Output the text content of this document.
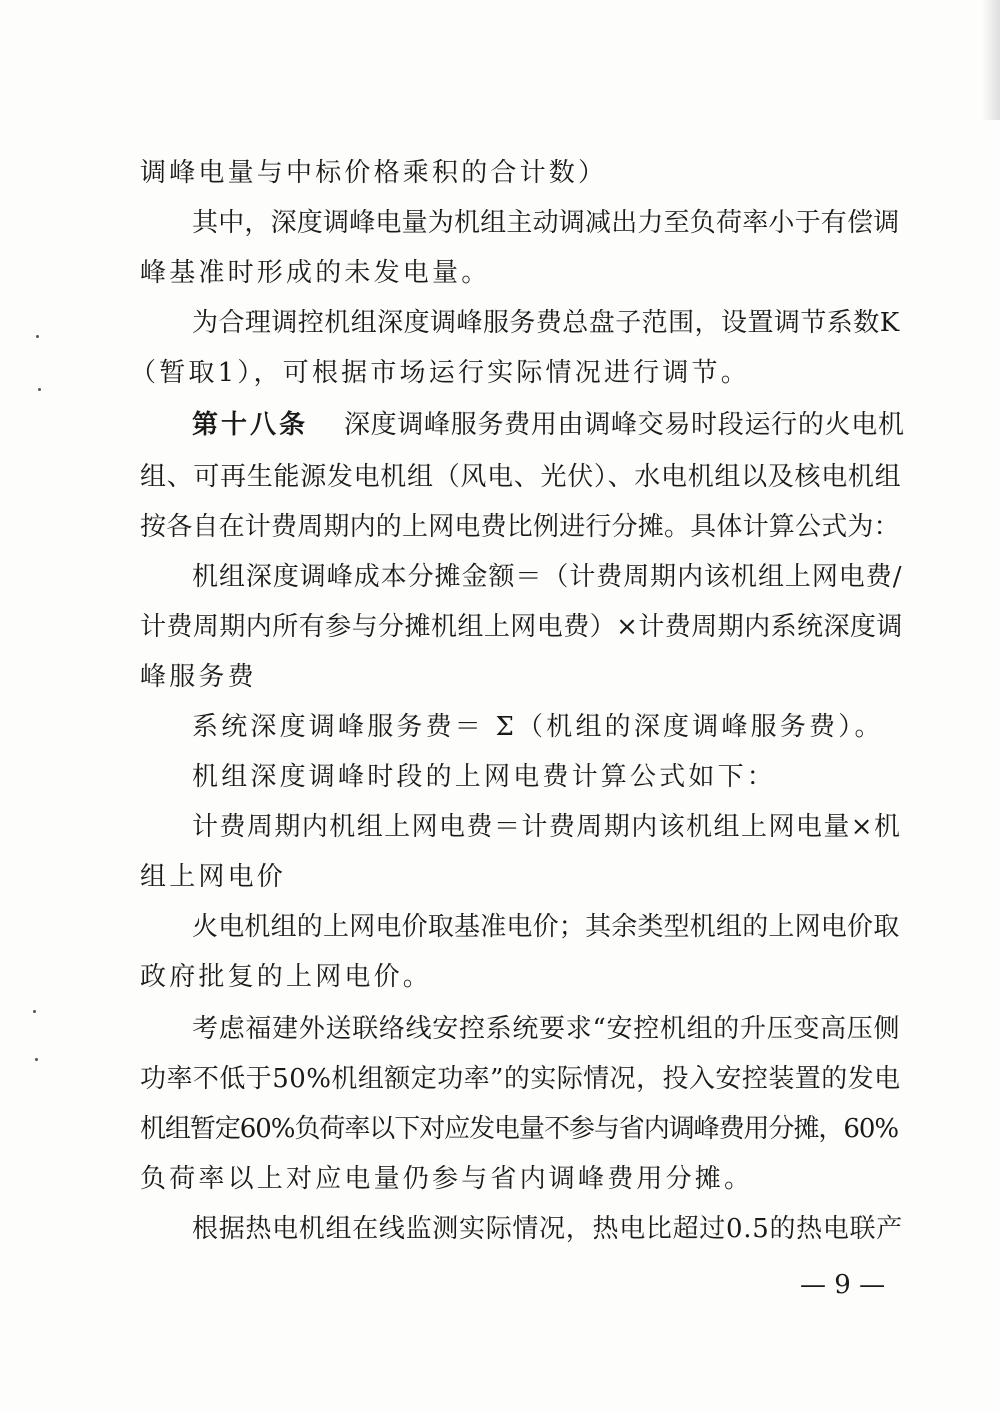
调峰电量与中标价格乘积的合计数）
其中，深度调峰电量为机组主动调减出力至负荷率小于有偿调
峰基准时形成的未发电量。
为合理调控机组深度调峰服务费总盘子范围，设置调节系数K
（暂取1），可根据市场运行实际情况进行调节。
第十八条 深度调峰服务费用由调峰交易时段运行的火电机
组、可再生能源发电机组（风电、光伏）、水电机组以及核电机组
按各自在计费周期内的上网电费比例进行分摊。具体计算公式为：
机组深度调峰成本分摊金额＝（计费周期内该机组上网电费/
计费周期内所有参与分摊机组上网电费）×计费周期内系统深度调
峰服务费
系统深度调峰服务费＝ Σ（机组的深度调峰服务费）。
机组深度调峰时段的上网电费计算公式如下：
计费周期内机组上网电费＝计费周期内该机组上网电量×机
组上网电价
火电机组的上网电价取基准电价；其余类型机组的上网电价取
政府批复的上网电价。
考虑福建外送联络线安控系统要求“安控机组的升压变高压侧
功率不低于50%机组额定功率”的实际情况，投入安控装置的发电
机组暂定60%负荷率以下对应发电量不参与省内调峰费用分摊，60%
负荷率以上对应电量仍参与省内调峰费用分摊。
根据热电机组在线监测实际情况，热电比超过0.5的热电联产
— 9 —
